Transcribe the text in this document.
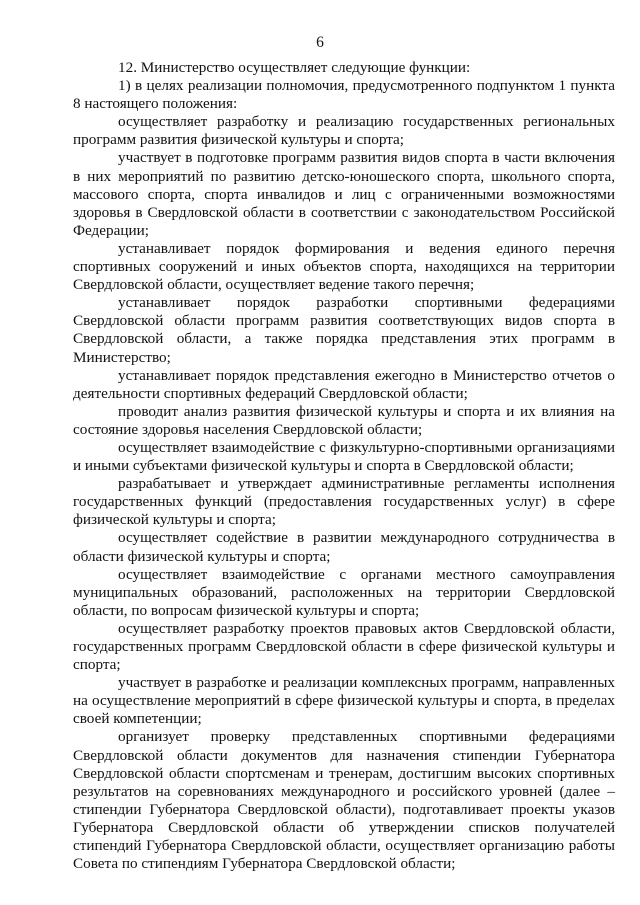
6

12. Министерство осуществляет следующие функции:

1) в целях реализации полномочия, предусмотренного подпунктом 1 пункта 8 настоящего положения:

осуществляет разработку и реализацию государственных региональных программ развития физической культуры и спорта;

участвует в подготовке программ развития видов спорта в части включения в них мероприятий по развитию детско-юношеского спорта, школьного спорта, массового спорта, спорта инвалидов и лиц с ограниченными возможностями здоровья в Свердловской области в соответствии с законодательством Российской Федерации;

устанавливает порядок формирования и ведения единого перечня спортивных сооружений и иных объектов спорта, находящихся на территории Свердловской области, осуществляет ведение такого перечня;

устанавливает порядок разработки спортивными федерациями Свердловской области программ развития соответствующих видов спорта в Свердловской области, а также порядка представления этих программ в Министерство;

устанавливает порядок представления ежегодно в Министерство отчетов о деятельности спортивных федераций Свердловской области;

проводит анализ развития физической культуры и спорта и их влияния на состояние здоровья населения Свердловской области;

осуществляет взаимодействие с физкультурно-спортивными организациями и иными субъектами физической культуры и спорта в Свердловской области;

разрабатывает и утверждает административные регламенты исполнения государственных функций (предоставления государственных услуг) в сфере физической культуры и спорта;

осуществляет содействие в развитии международного сотрудничества в области физической культуры и спорта;

осуществляет взаимодействие с органами местного самоуправления муниципальных образований, расположенных на территории Свердловской области, по вопросам физической культуры и спорта;

осуществляет разработку проектов правовых актов Свердловской области, государственных программ Свердловской области в сфере физической культуры и спорта;

участвует в разработке и реализации комплексных программ, направленных на осуществление мероприятий в сфере физической культуры и спорта, в пределах своей компетенции;

организует проверку представленных спортивными федерациями Свердловской области документов для назначения стипендии Губернатора Свердловской области спортсменам и тренерам, достигшим высоких спортивных результатов на соревнованиях международного и российского уровней (далее – стипендии Губернатора Свердловской области), подготавливает проекты указов Губернатора Свердловской области об утверждении списков получателей стипендий Губернатора Свердловской области, осуществляет организацию работы Совета по стипендиям Губернатора Свердловской области;
